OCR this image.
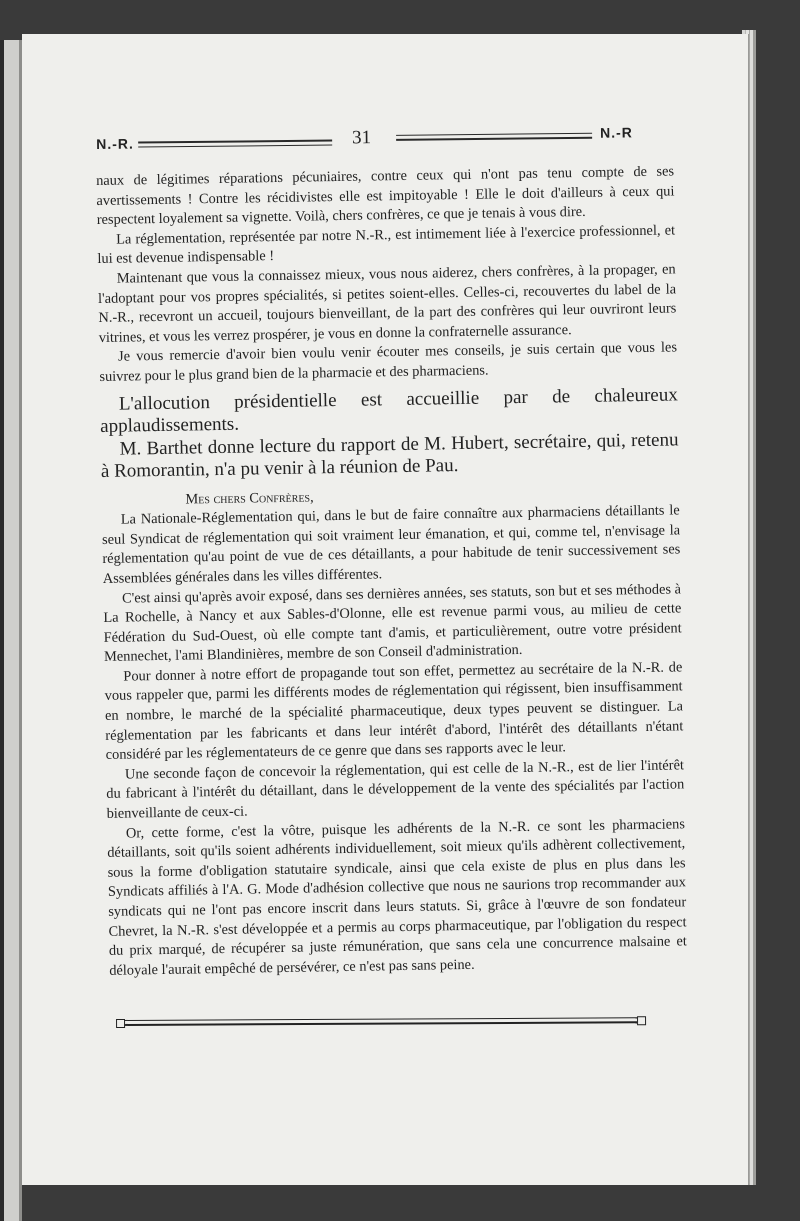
N.-R.	31	N.-R

naux de légitimes réparations pécuniaires, contre ceux qui n'ont pas tenu compte de ses avertissements ! Contre les récidivistes elle est impitoyable ! Elle le doit d'ailleurs à ceux qui respectent loyalement sa vignette. Voilà, chers confrères, ce que je tenais à vous dire.

La réglementation, représentée par notre N.-R., est intimement liée à l'exercice professionnel, et lui est devenue indispensable !

Maintenant que vous la connaissez mieux, vous nous aiderez, chers confrères, à la propager, en l'adoptant pour vos propres spécialités, si petites soient-elles. Celles-ci, recouvertes du label de la N.-R., recevront un accueil, toujours bienveillant, de la part des confrères qui leur ouvriront leurs vitrines, et vous les verrez prospérer, je vous en donne la confraternelle assurance.

Je vous remercie d'avoir bien voulu venir écouter mes conseils, je suis certain que vous les suivrez pour le plus grand bien de la pharmacie et des pharmaciens.

L'allocution présidentielle est accueillie par de chaleureux applaudissements.

M. Barthet donne lecture du rapport de M. Hubert, secrétaire, qui, retenu à Romorantin, n'a pu venir à la réunion de Pau.

Mes chers Confrères,

La Nationale-Réglementation qui, dans le but de faire connaître aux pharmaciens détaillants le seul Syndicat de réglementation qui soit vraiment leur émanation, et qui, comme tel, n'envisage la réglementation qu'au point de vue de ces détaillants, a pour habitude de tenir successivement ses Assemblées générales dans les villes différentes.

C'est ainsi qu'après avoir exposé, dans ses dernières années, ses statuts, son but et ses méthodes à La Rochelle, à Nancy et aux Sables-d'Olonne, elle est revenue parmi vous, au milieu de cette Fédération du Sud-Ouest, où elle compte tant d'amis, et particulièrement, outre votre président Mennechet, l'ami Blandinières, membre de son Conseil d'administration.

Pour donner à notre effort de propagande tout son effet, permettez au secrétaire de la N.-R. de vous rappeler que, parmi les différents modes de réglementation qui régissent, bien insuffisamment en nombre, le marché de la spécialité pharmaceutique, deux types peuvent se distinguer. La réglementation par les fabricants et dans leur intérêt d'abord, l'intérêt des détaillants n'étant considéré par les réglementateurs de ce genre que dans ses rapports avec le leur.

Une seconde façon de concevoir la réglementation, qui est celle de la N.-R., est de lier l'intérêt du fabricant à l'intérêt du détaillant, dans le développement de la vente des spécialités par l'action bienveillante de ceux-ci.

Or, cette forme, c'est la vôtre, puisque les adhérents de la N.-R. ce sont les pharmaciens détaillants, soit qu'ils soient adhérents individuellement, soit mieux qu'ils adhèrent collectivement, sous la forme d'obligation statutaire syndicale, ainsi que cela existe de plus en plus dans les Syndicats affiliés à l'A. G. Mode d'adhésion collective que nous ne saurions trop recommander aux syndicats qui ne l'ont pas encore inscrit dans leurs statuts. Si, grâce à l'œuvre de son fondateur Chevret, la N.-R. s'est développée et a permis au corps pharmaceutique, par l'obligation du respect du prix marqué, de récupérer sa juste rémunération, que sans cela une concurrence malsaine et déloyale l'aurait empêché de persévérer, ce n'est pas sans peine.
